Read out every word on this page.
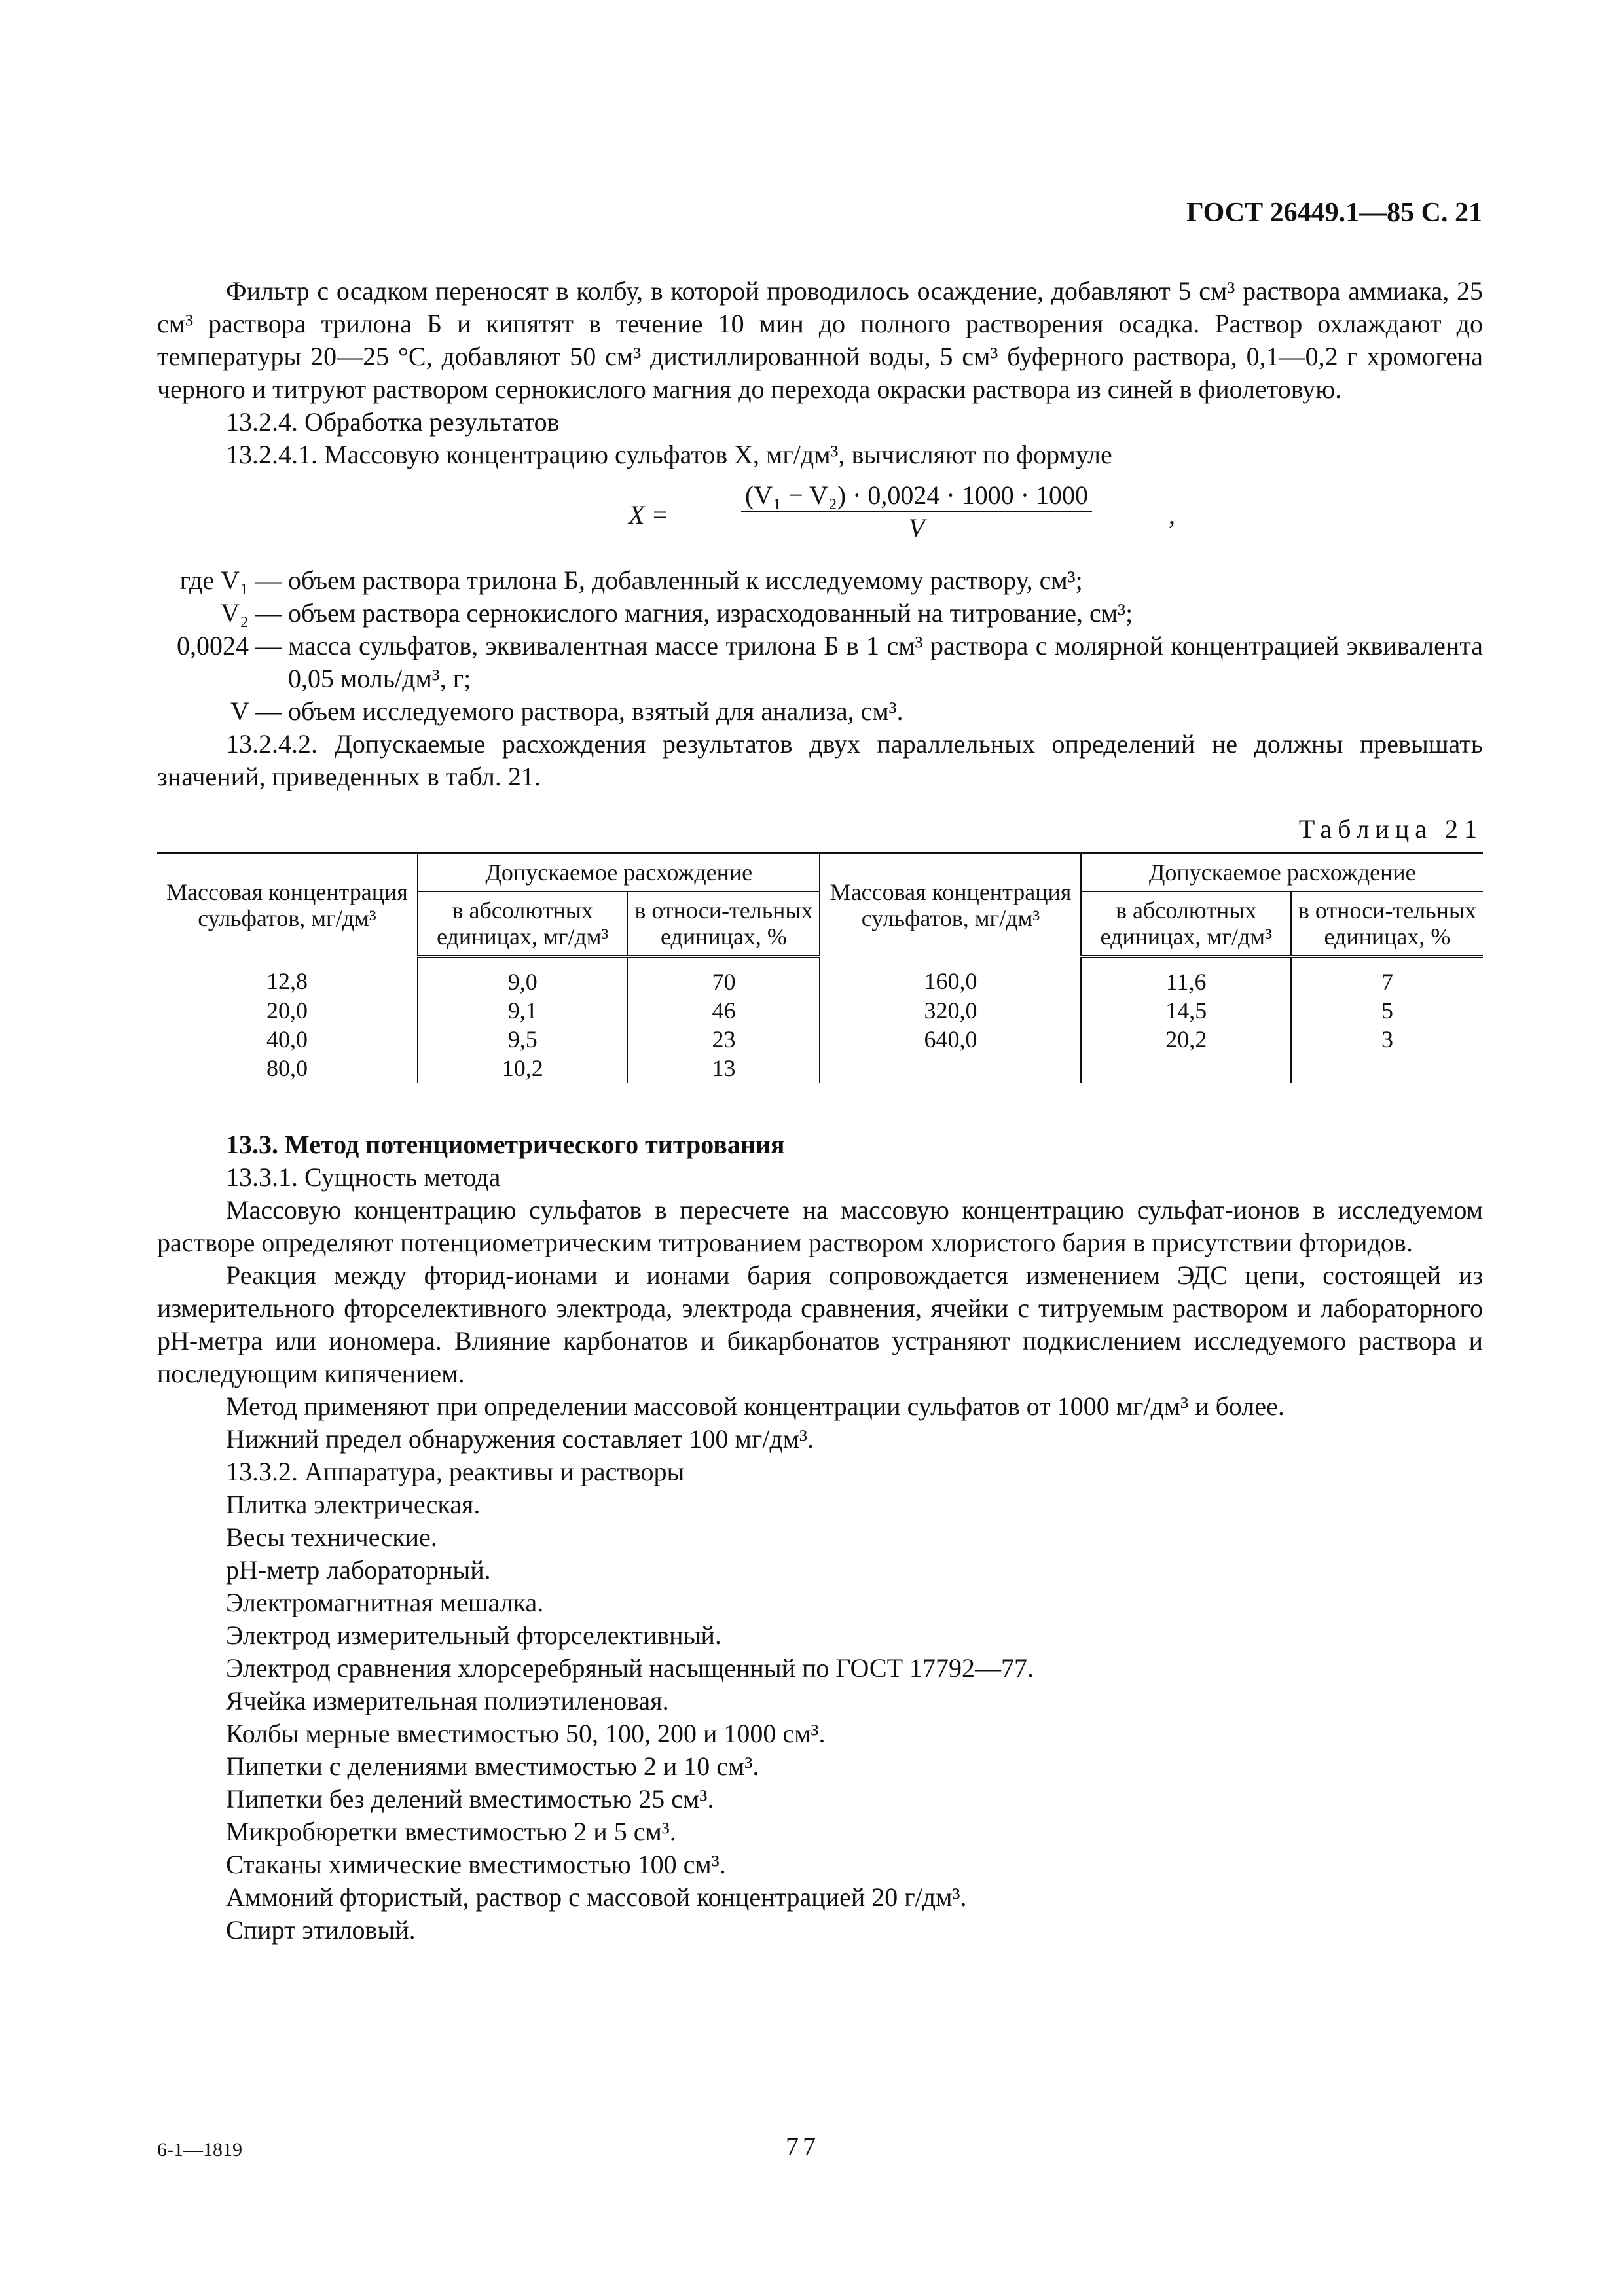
ГОСТ 26449.1—85 С. 21

Фильтр с осадком переносят в колбу, в которой проводилось осаждение, добавляют 5 см³ раствора аммиака, 25 см³ раствора трилона Б и кипятят в течение 10 мин до полного растворения осадка. Раствор охлаждают до температуры 20—25 °С, добавляют 50 см³ дистиллированной воды, 5 см³ буферного раствора, 0,1—0,2 г хромогена черного и титруют раствором сернокислого магния до перехода окраски раствора из синей в фиолетовую.

13.2.4. Обработка результатов

13.2.4.1. Массовую концентрацию сульфатов X, мг/дм³, вычисляют по формуле

X =
(V₁ − V₂) · 0,0024 · 1000 · 1000
V	,
где V₁ — объем раствора трилона Б, добавленный к исследуемому раствору, см³;
V₂ — объем раствора сернокислого магния, израсходованный на титрование, см³;
0,0024 — масса сульфатов, эквивалентная массе трилона Б в 1 см³ раствора с молярной концентрацией эквивалента 0,05 моль/дм³, г;
V — объем исследуемого раствора, взятый для анализа, см³.

13.2.4.2. Допускаемые расхождения результатов двух параллельных определений не должны превышать значений, приведенных в табл. 21.

Таблица 21
Массовая концентрация сульфатов, мг/дм³	Допускаемое расхождение		Массовая концентрация сульфатов, мг/дм³	Допускаемое расхождение	
	в абсолютных единицах, мг/дм³	в относи-тельных единицах, %		в абсолютных единицах, мг/дм³	в относи-тельных единицах, %
12,8	9,0	70	160,0	11,6	7
20,0	9,1	46	320,0	14,5	5
40,0	9,5	23	640,0	20,2	3
80,0	10,2	13			

13.3. Метод потенциометрического титрования

13.3.1. Сущность метода

Массовую концентрацию сульфатов в пересчете на массовую концентрацию сульфат-ионов в исследуемом растворе определяют потенциометрическим титрованием раствором хлористого бария в присутствии фторидов.

Реакция между фторид-ионами и ионами бария сопровождается изменением ЭДС цепи, состоящей из измерительного фторселективного электрода, электрода сравнения, ячейки с титруемым раствором и лабораторного pH-метра или иономера. Влияние карбонатов и бикарбонатов устраняют подкислением исследуемого раствора и последующим кипячением.

Метод применяют при определении массовой концентрации сульфатов от 1000 мг/дм³ и более.

Нижний предел обнаружения составляет 100 мг/дм³.

13.3.2. Аппаратура, реактивы и растворы

Плитка электрическая.

Весы технические.

pH-метр лабораторный.

Электромагнитная мешалка.

Электрод измерительный фторселективный.

Электрод сравнения хлорсеребряный насыщенный по ГОСТ 17792—77.

Ячейка измерительная полиэтиленовая.

Колбы мерные вместимостью 50, 100, 200 и 1000 см³.

Пипетки с делениями вместимостью 2 и 10 см³.

Пипетки без делений вместимостью 25 см³.

Микробюретки вместимостью 2 и 5 см³.

Стаканы химические вместимостью 100 см³.

Аммоний фтористый, раствор с массовой концентрацией 20 г/дм³.

Спирт этиловый.

6-1—1819	77
